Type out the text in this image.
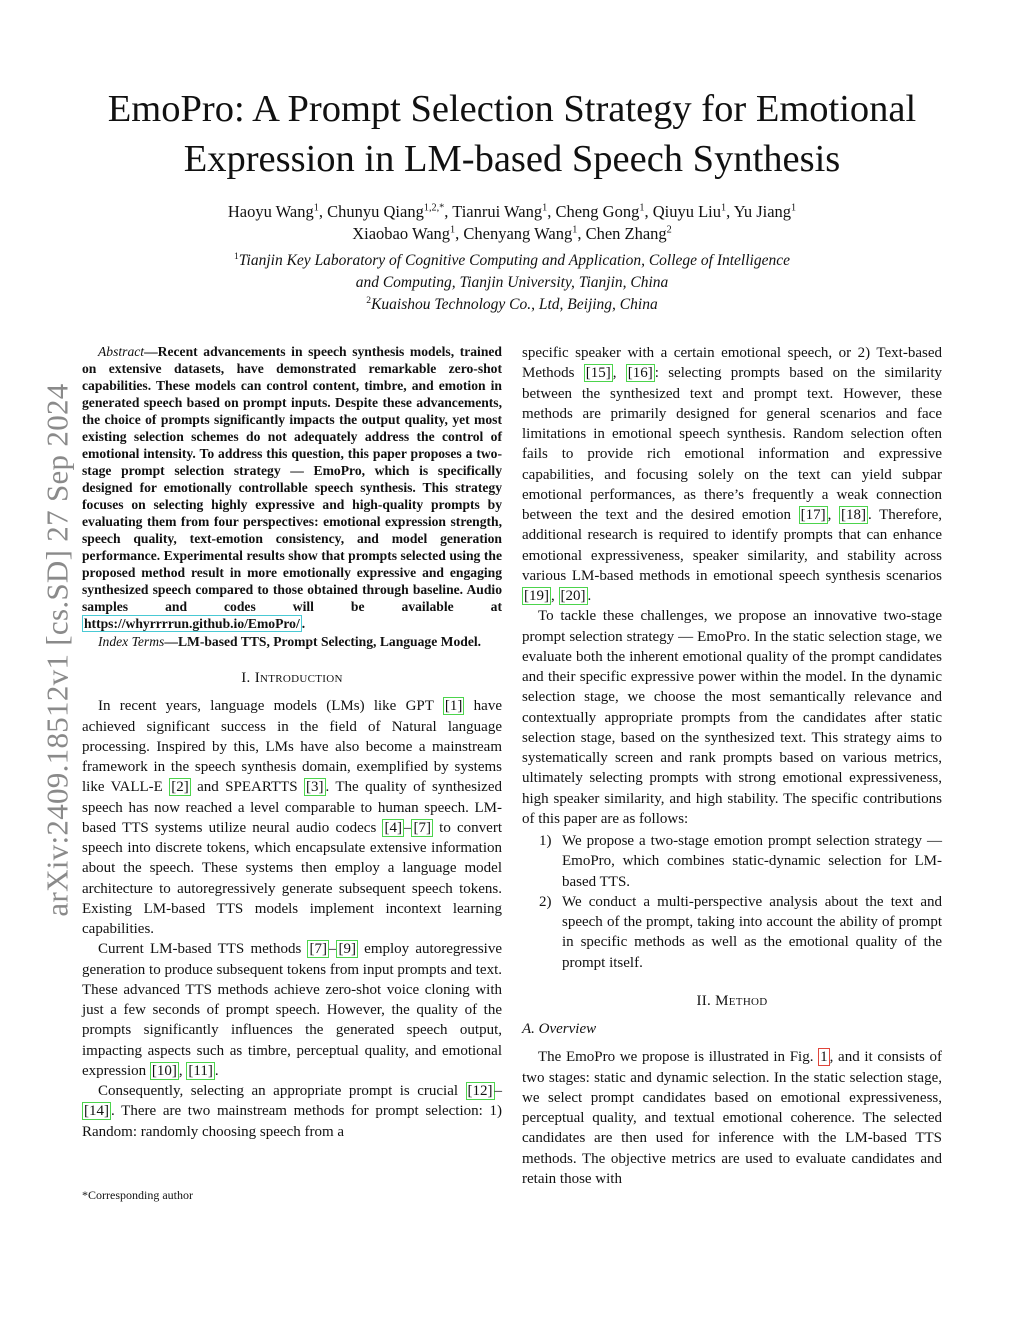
arXiv:2409.18512v1 [cs.SD] 27 Sep 2024
EmoPro: A Prompt Selection Strategy for Emotional Expression in LM-based Speech Synthesis
Haoyu Wang$^1$, Chunyu Qiang$^{1,2,*}$, Tianrui Wang$^1$, Cheng Gong$^1$, Qiuyu Liu$^1$, Yu Jiang$^1$
Xiaobao Wang$^1$, Chenyang Wang$^1$, Chen Zhang$^2$
$^1$Tianjin Key Laboratory of Cognitive Computing and Application, College of Intelligence
and Computing, Tianjin University, Tianjin, China
$^2$Kuaishou Technology Co., Ltd, Beijing, China

Abstract—Recent advancements in speech synthesis models, trained on extensive datasets, have demonstrated remarkable zero-shot capabilities. These models can control content, timbre, and emotion in generated speech based on prompt inputs. Despite these advancements, the choice of prompts significantly impacts the output quality, yet most existing selection schemes do not adequately address the control of emotional intensity. To address this question, this paper proposes a two-stage prompt selection strategy — EmoPro, which is specifically designed for emotionally controllable speech synthesis. This strategy focuses on selecting highly expressive and high-quality prompts by evaluating them from four perspectives: emotional expression strength, speech quality, text-emotion consistency, and model generation performance. Experimental results show that prompts selected using the proposed method result in more emotionally expressive and engaging synthesized speech compared to those obtained through baseline. Audio samples and codes will be available at https://whyrrrrun.github.io/EmoPro/ .

Index Terms—LM-based TTS, Prompt Selecting, Language Model.

I. Introduction

In recent years, language models (LMs) like GPT [1] have achieved significant success in the field of Natural language processing. Inspired by this, LMs have also become a mainstream framework in the speech synthesis domain, exemplified by systems like VALL-E [2] and SPEARTTS [3] . The quality of synthesized speech has now reached a level comparable to human speech. LM-based TTS systems utilize neural audio codecs [4] – [7] to convert speech into discrete tokens, which encapsulate extensive information about the speech. These systems then employ a language model architecture to autoregressively generate subsequent speech tokens. Existing LM-based TTS models implement incontext learning capabilities.

Current LM-based TTS methods [7] – [9] employ autoregressive generation to produce subsequent tokens from input prompts and text. These advanced TTS methods achieve zero-shot voice cloning with just a few seconds of prompt speech. However, the quality of the prompts significantly influences the generated speech output, impacting aspects such as timbre, perceptual quality, and emotional expression [10] , [11] .

Consequently, selecting an appropriate prompt is crucial [12] –[14] . There are two mainstream methods for prompt selection: 1) Random: randomly choosing speech from a

*Corresponding author

specific speaker with a certain emotional speech, or 2) Text-based Methods [15] , [16] : selecting prompts based on the similarity between the synthesized text and prompt text. However, these methods are primarily designed for general scenarios and face limitations in emotional speech synthesis. Random selection often fails to provide rich emotional information and expressive capabilities, and focusing solely on the text can yield subpar emotional performances, as there’s frequently a weak connection between the text and the desired emotion [17] , [18] . Therefore, additional research is required to identify prompts that can enhance emotional expressiveness, speaker similarity, and stability across various LM-based methods in emotional speech synthesis scenarios [19] , [20] .

To tackle these challenges, we propose an innovative two-stage prompt selection strategy — EmoPro. In the static selection stage, we evaluate both the inherent emotional quality of the prompt candidates and their specific expressive power within the model. In the dynamic selection stage, we choose the most semantically relevance and contextually appropriate prompts from the candidates after static selection stage, based on the synthesized text. This strategy aims to systematically screen and rank prompts based on various metrics, ultimately selecting prompts with strong emotional expressiveness, high speaker similarity, and high stability. The specific contributions of this paper are as follows:

1) We propose a two-stage emotion prompt selection strategy — EmoPro, which combines static-dynamic selection for LM-based TTS.
2) We conduct a multi-perspective analysis about the text and speech of the prompt, taking into account the ability of prompt in specific methods as well as the emotional quality of the prompt itself.

II. Method

A. Overview

The EmoPro we propose is illustrated in Fig. 1 , and it consists of two stages: static and dynamic selection. In the static selection stage, we select prompt candidates based on emotional expressiveness, perceptual quality, and textual emotional coherence. The selected candidates are then used for inference with the LM-based TTS methods. The objective metrics are used to evaluate candidates and retain those with
